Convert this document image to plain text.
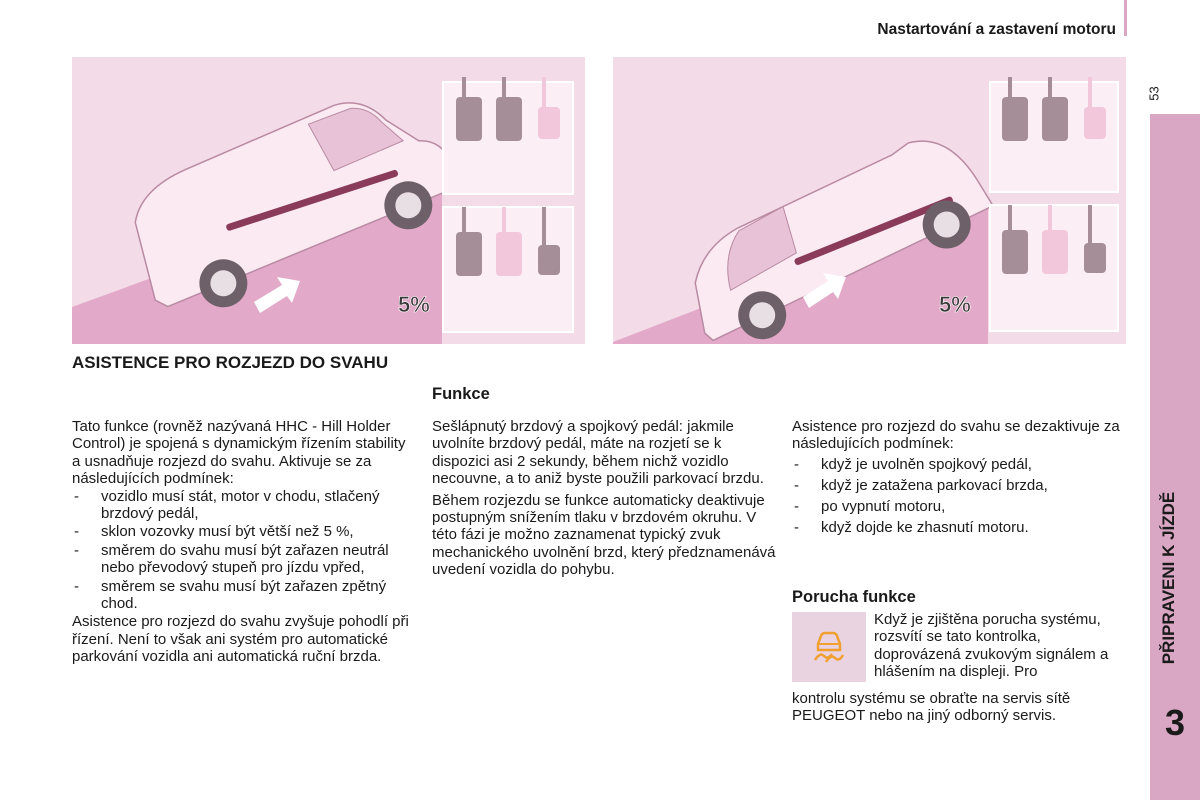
Nastartování a zastavení motoru
53
PŘIPRAVENI K JÍZDĚ
3
5%	5%
ASISTENCE PRO ROZJEZD DO SVAHU
Funkce

Tato funkce (rovněž nazývaná HHC - Hill Holder Control) je spojená s dynamickým řízením stability a usnadňuje rozjezd do svahu. Aktivuje se za následujících podmínek:

- vozidlo musí stát, motor v chodu, stlačený brzdový pedál,
- sklon vozovky musí být větší než 5 %,
- směrem do svahu musí být zařazen neutrál nebo převodový stupeň pro jízdu vpřed,
- směrem se svahu musí být zařazen zpětný chod.

Asistence pro rozjezd do svahu zvyšuje pohodlí při řízení. Není to však ani systém pro automatické parkování vozidla ani automatická ruční brzda.

Sešlápnutý brzdový a spojkový pedál: jakmile uvolníte brzdový pedál, máte na rozjetí se k dispozici asi 2 sekundy, během nichž vozidlo necouvne, a to aniž byste použili parkovací brzdu.

Během rozjezdu se funkce automaticky deaktivuje postupným snížením tlaku v brzdovém okruhu. V této fázi je možno zaznamenat typický zvuk mechanického uvolnění brzd, který předznamenává uvedení vozidla do pohybu.

Asistence pro rozjezd do svahu se dezaktivuje za následujících podmínek:

- když je uvolněn spojkový pedál,
- když je zatažena parkovací brzda,
- po vypnutí motoru,
- když dojde ke zhasnutí motoru.
Porucha funkce
Když je zjištěna porucha systému, rozsvítí se tato kontrolka, doprovázená zvukovým signálem a hlášením na displeji. Pro
kontrolu systému se obraťte na servis sítě PEUGEOT nebo na jiný odborný servis.
